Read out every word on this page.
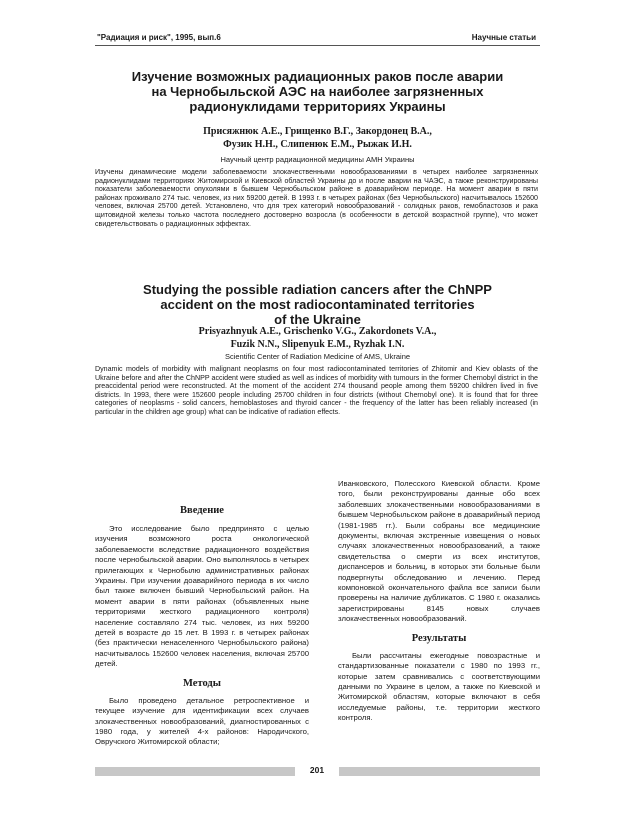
"Радиация и риск", 1995, вып.6	Научные статьи
Изучение возможных радиационных раков после аварии
на Чернобыльской АЭС на наиболее загрязненных
радионуклидами территориях Украины
Присяжнюк А.Е., Грищенко В.Г., Закордонец В.А.,
Фузик Н.Н., Слипенюк Е.М., Рыжак И.Н.
Научный центр радиационной медицины АМН Украины

Изучены динамические модели заболеваемости злокачественными новообразованиями в четырех наиболее загрязненных радионуклидами территориях Житомирской и Киевской областей Украины до и после аварии на ЧАЭС, а также реконструированы показатели заболеваемости опухолями в бывшем Чернобыльском районе в доаварийном периоде. На момент аварии в пяти районах проживало 274 тыс. человек, из них 59200 детей. В 1993 г. в четырех районах (без Чернобыльского) насчитывалось 152600 человек, включая 25700 детей. Установлено, что для трех категорий новообразований - солидных раков, гемобластозов и рака щитовидной железы только частота последнего достоверно возросла (в особенности в детской возрастной группе), что может свидетельствовать о радиационных эффектах.

Studying the possible radiation cancers after the ChNPP
accident on the most radiocontaminated territories
of the Ukraine
Prisyazhnyuk A.E., Grischenko V.G., Zakordonets V.A.,
Fuzik N.N., Slipenyuk E.M., Ryzhak I.N.
Scientific Center of Radiation Medicine of AMS, Ukraine

Dynamic models of morbidity with malignant neoplasms on four most radiocontaminated territories of Zhitomir and Kiev oblasts of the Ukraine before and after the ChNPP accident were studied as well as indices of morbidity with tumours in the former Chernobyl district in the preaccidental period were reconstructed. At the moment of the accident 274 thousand people among them 59200 children lived in five districts. In 1993, there were 152600 people including 25700 children in four districts (without Chernobyl one). It is found that for three categories of neoplasms - solid cancers, hemoblastoses and thyroid cancer - the frequency of the latter has been reliably increased (in particular in the children age group) what can be indicative of radiation effects.

Введение

Это исследование было предпринято с целью изучения возможного роста онкологической заболеваемости вследствие радиационного воздействия после чернобыльской аварии. Оно выполнялось в четырех прилегающих к Чернобылю административных районах Украины. При изучении доаварийного периода в их число был также включен бывший Чернобыльский район. На момент аварии в пяти районах (объявленных ныне территориями жесткого радиационного контроля) население составляло 274 тыс. человек, из них 59200 детей в возрасте до 15 лет. В 1993 г. в четырех районах (без практически ненаселенного Чернобыльского района) насчитывалось 152600 человек населения, включая 25700 детей.

Методы

Было проведено детальное ретроспективное и текущее изучение для идентификации всех случаев злокачественных новообразований, диагностированных с 1980 года, у жителей 4-х районов: Народичского, Овручского Житомирской области;

Иванковского, Полесского Киевской области. Кроме того, были реконструированы данные обо всех заболевших злокачественными новообразованиями в бывшем Чернобыльском районе в доаварийный период (1981-1985 гг.). Были собраны все медицинские документы, включая экстренные извещения о новых случаях злокачественных новообразований, а также свидетельства о смерти из всех институтов, диспансеров и больниц, в которых эти больные были подвергнуты обследованию и лечению. Перед компоновкой окончательного файла все записи были проверены на наличие дубликатов. С 1980 г. оказались зарегистрированы 8145 новых случаев злокачественных новообразований.

Результаты

Были рассчитаны ежегодные повозрастные и стандартизованные показатели с 1980 по 1993 гг., которые затем сравнивались с соответствующими данными по Украине в целом, а также по Киевской и Житомирской областям, которые включают в себя исследуемые районы, т.е. территории жесткого контроля.

201
